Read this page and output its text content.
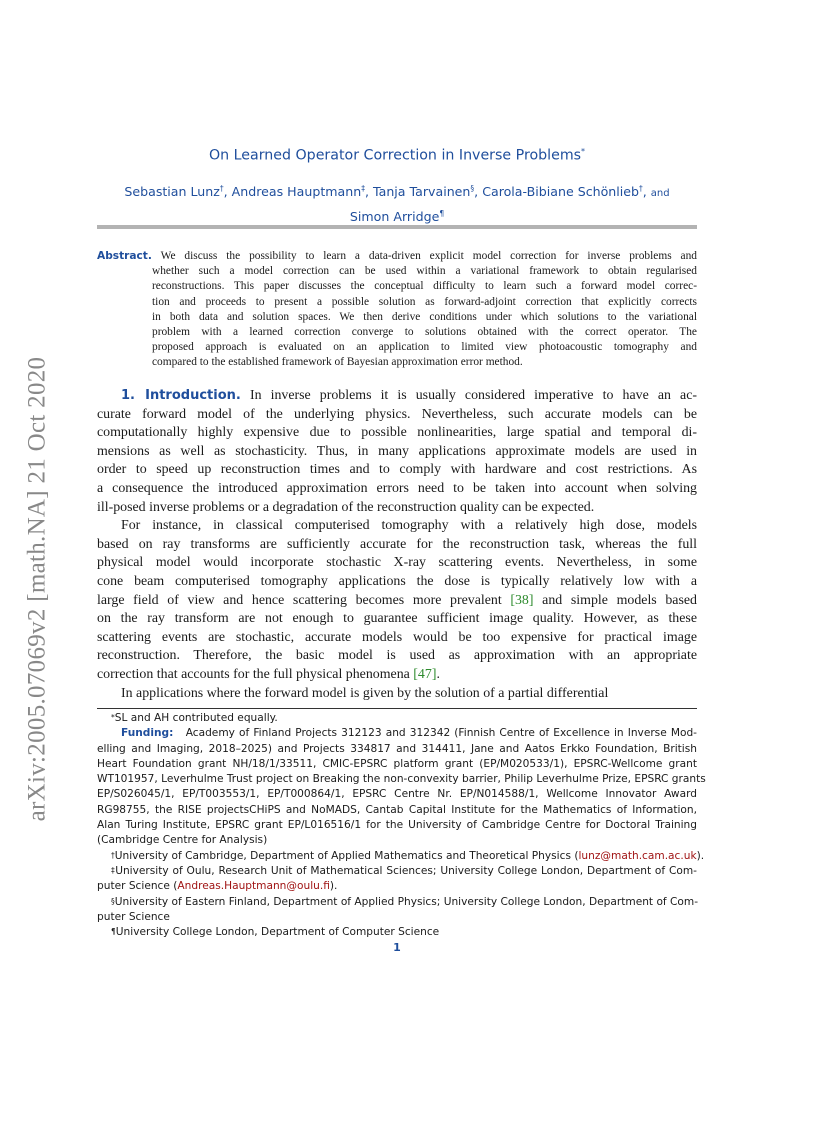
arXiv:2005.07069v2 [math.NA] 21 Oct 2020
On Learned Operator Correction in Inverse Problems*
Sebastian Lunz†, Andreas Hauptmann‡, Tanja Tarvainen§, Carola-Bibiane Schönlieb†, and
Simon Arridge¶
Abstract. We discuss the possibility to learn a data-driven explicit model correction for inverse problems and
whether such a model correction can be used within a variational framework to obtain regularised
reconstructions. This paper discusses the conceptual difficulty to learn such a forward model correc-
tion and proceeds to present a possible solution as forward-adjoint correction that explicitly corrects
in both data and solution spaces. We then derive conditions under which solutions to the variational
problem with a learned correction converge to solutions obtained with the correct operator. The
proposed approach is evaluated on an application to limited view photoacoustic tomography and
compared to the established framework of Bayesian approximation error method.
1. Introduction. In inverse problems it is usually considered imperative to have an ac-
curate forward model of the underlying physics. Nevertheless, such accurate models can be
computationally highly expensive due to possible nonlinearities, large spatial and temporal di-
mensions as well as stochasticity. Thus, in many applications approximate models are used in
order to speed up reconstruction times and to comply with hardware and cost restrictions. As
a consequence the introduced approximation errors need to be taken into account when solving
ill-posed inverse problems or a degradation of the reconstruction quality can be expected.
For instance, in classical computerised tomography with a relatively high dose, models
based on ray transforms are sufficiently accurate for the reconstruction task, whereas the full
physical model would incorporate stochastic X-ray scattering events. Nevertheless, in some
cone beam computerised tomography applications the dose is typically relatively low with a
large field of view and hence scattering becomes more prevalent [38] and simple models based
on the ray transform are not enough to guarantee sufficient image quality. However, as these
scattering events are stochastic, accurate models would be too expensive for practical image
reconstruction. Therefore, the basic model is used as approximation with an appropriate
correction that accounts for the full physical phenomena [47].
In applications where the forward model is given by the solution of a partial differential
*SL and AH contributed equally.
Funding: Academy of Finland Projects 312123 and 312342 (Finnish Centre of Excellence in Inverse Mod-
elling and Imaging, 2018–2025) and Projects 334817 and 314411, Jane and Aatos Erkko Foundation, British
Heart Foundation grant NH/18/1/33511, CMIC-EPSRC platform grant (EP/M020533/1), EPSRC-Wellcome grant
WT101957, Leverhulme Trust project on Breaking the non-convexity barrier, Philip Leverhulme Prize, EPSRC grants
EP/S026045/1, EP/T003553/1, EP/T000864/1, EPSRC Centre Nr. EP/N014588/1, Wellcome Innovator Award
RG98755, the RISE projectsCHiPS and NoMADS, Cantab Capital Institute for the Mathematics of Information,
Alan Turing Institute, EPSRC grant EP/L016516/1 for the University of Cambridge Centre for Doctoral Training
(Cambridge Centre for Analysis)
†University of Cambridge, Department of Applied Mathematics and Theoretical Physics (lunz@math.cam.ac.uk).
‡University of Oulu, Research Unit of Mathematical Sciences; University College London, Department of Com-
puter Science (Andreas.Hauptmann@oulu.fi).
§University of Eastern Finland, Department of Applied Physics; University College London, Department of Com-
puter Science
¶University College London, Department of Computer Science
1
